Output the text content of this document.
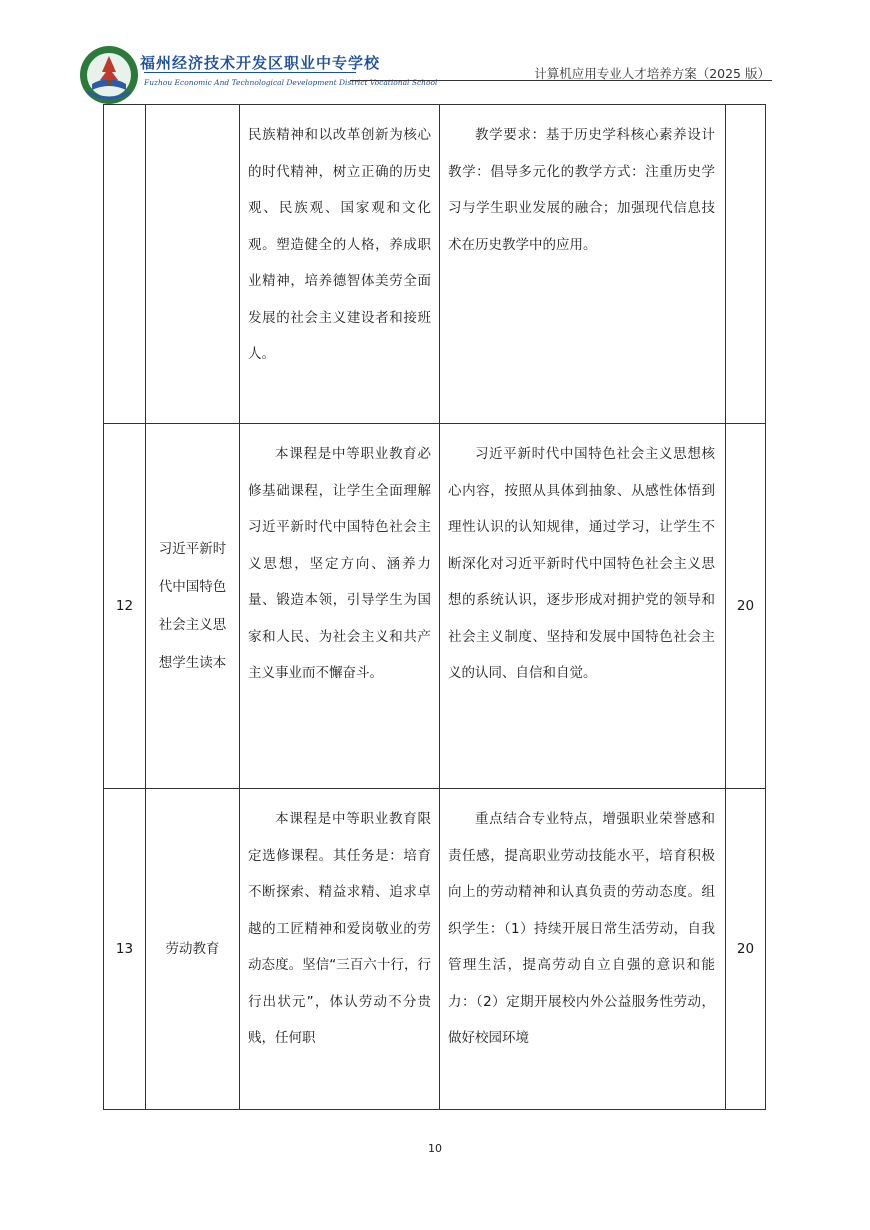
福州经济技术开发区职业中专学校
Fuzhou Economic And Technological Development District Vocational School
计算机应用专业人才培养方案（2025 版）
民族精神和以改革创新为核心的时代精神，树立正确的历史观、民族观、国家观和文化观。塑造健全的人格，养成职业精神，培养德智体美劳全面发展的社会主义建设者和接班人。
教学要求：基于历史学科核心素养设计教学：倡导多元化的教学方式：注重历史学习与学生职业发展的融合；加强现代信息技术在历史教学中的应用。
12
习近平新时代中国特色社会主义思想学生读本
本课程是中等职业教育必修基础课程，让学生全面理解习近平新时代中国特色社会主义思想，坚定方向、涵养力量、锻造本领，引导学生为国家和人民、为社会主义和共产主义事业而不懈奋斗。
习近平新时代中国特色社会主义思想核心内容，按照从具体到抽象、从感性体悟到理性认识的认知规律，通过学习，让学生不断深化对习近平新时代中国特色社会主义思想的系统认识，逐步形成对拥护党的领导和社会主义制度、坚持和发展中国特色社会主义的认同、自信和自觉。
20
13	劳动教育
本课程是中等职业教育限定选修课程。其任务是：培育不断探索、精益求精、追求卓越的工匠精神和爱岗敬业的劳动态度。坚信“三百六十行，行行出状元”，体认劳动不分贵贱，任何职
重点结合专业特点，增强职业荣誉感和责任感，提高职业劳动技能水平，培育积极向上的劳动精神和认真负责的劳动态度。组织学生：（1）持续开展日常生活劳动，自我管理生活，提高劳动自立自强的意识和能力：（2）定期开展校内外公益服务性劳动，做好校园环境
20
10
